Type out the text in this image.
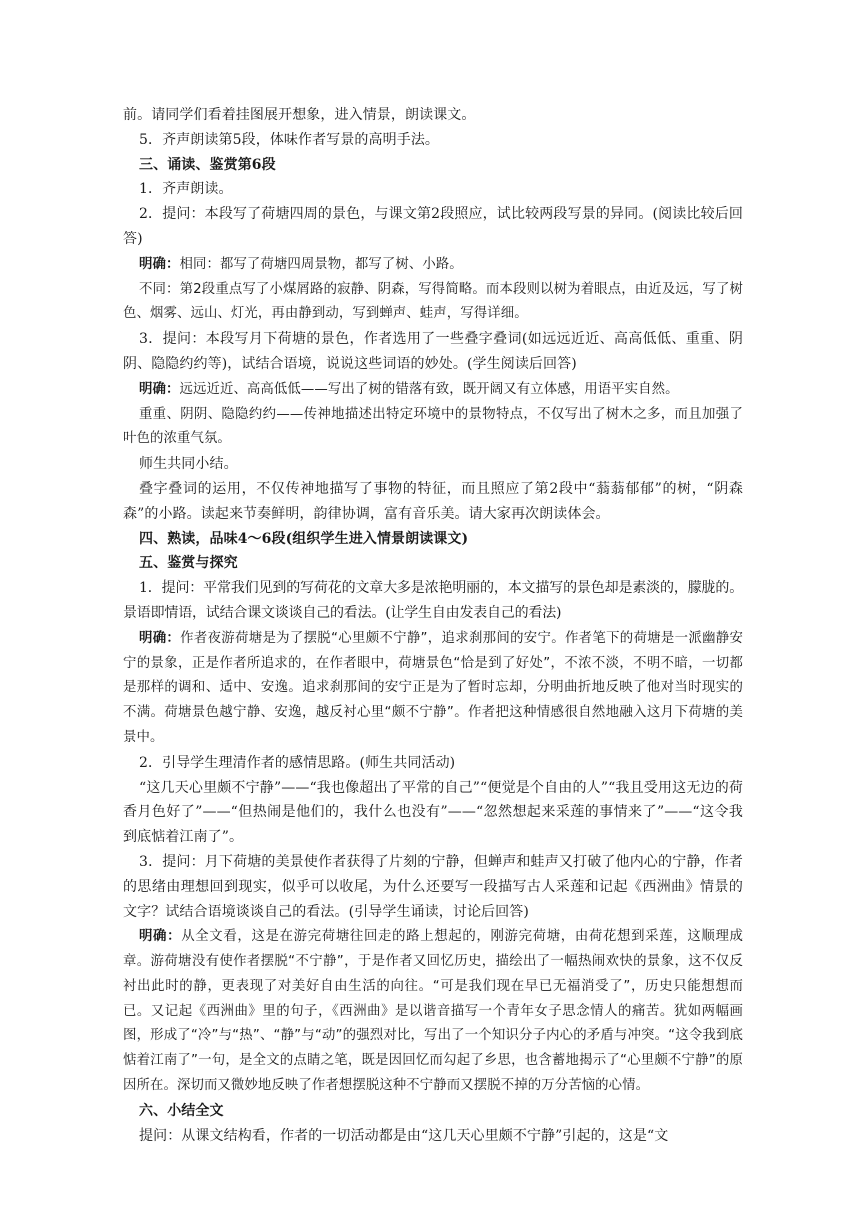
前。请同学们看着挂图展开想象，进入情景，朗读课文。

5．齐声朗读第5段，体味作者写景的高明手法。

三、诵读、鉴赏第6段

1．齐声朗读。

2．提问：本段写了荷塘四周的景色，与课文第2段照应，试比较两段写景的异同。(阅读比较后回答)

明确：相同：都写了荷塘四周景物，都写了树、小路。

不同：第2段重点写了小煤屑路的寂静、阴森，写得简略。而本段则以树为着眼点，由近及远，写了树色、烟雾、远山、灯光，再由静到动，写到蝉声、蛙声，写得详细。

3．提问：本段写月下荷塘的景色，作者选用了一些叠字叠词(如远远近近、高高低低、重重、阴阴、隐隐约约等)，试结合语境，说说这些词语的妙处。(学生阅读后回答)

明确：远远近近、高高低低——写出了树的错落有致，既开阔又有立体感，用语平实自然。

重重、阴阴、隐隐约约——传神地描述出特定环境中的景物特点，不仅写出了树木之多，而且加强了叶色的浓重气氛。

师生共同小结。

叠字叠词的运用，不仅传神地描写了事物的特征，而且照应了第2段中“蓊蓊郁郁”的树，“阴森森”的小路。读起来节奏鲜明，韵律协调，富有音乐美。请大家再次朗读体会。

四、熟读，品味4～6段(组织学生进入情景朗读课文)

五、鉴赏与探究

1．提问：平常我们见到的写荷花的文章大多是浓艳明丽的，本文描写的景色却是素淡的，朦胧的。景语即情语，试结合课文谈谈自己的看法。(让学生自由发表自己的看法)

明确：作者夜游荷塘是为了摆脱“心里颇不宁静”，追求刹那间的安宁。作者笔下的荷塘是一派幽静安宁的景象，正是作者所追求的，在作者眼中，荷塘景色“恰是到了好处”，不浓不淡，不明不暗，一切都是那样的调和、适中、安逸。追求刹那间的安宁正是为了暂时忘却，分明曲折地反映了他对当时现实的不满。荷塘景色越宁静、安逸，越反衬心里“颇不宁静”。作者把这种情感很自然地融入这月下荷塘的美景中。

2．引导学生理清作者的感情思路。(师生共同活动)

“这几天心里颇不宁静”——“我也像超出了平常的自己”“便觉是个自由的人”“我且受用这无边的荷香月色好了”——“但热闹是他们的，我什么也没有”——“忽然想起来采莲的事情来了”——“这令我到底惦着江南了”。

3．提问：月下荷塘的美景使作者获得了片刻的宁静，但蝉声和蛙声又打破了他内心的宁静，作者的思绪由理想回到现实，似乎可以收尾，为什么还要写一段描写古人采莲和记起《西洲曲》情景的文字？试结合语境谈谈自己的看法。(引导学生诵读，讨论后回答)

明确：从全文看，这是在游完荷塘往回走的路上想起的，刚游完荷塘，由荷花想到采莲，这顺理成章。游荷塘没有使作者摆脱“不宁静”，于是作者又回忆历史，描绘出了一幅热闹欢快的景象，这不仅反衬出此时的静，更表现了对美好自由生活的向往。“可是我们现在早已无福消受了”，历史只能想想而已。又记起《西洲曲》里的句子，《西洲曲》是以谐音描写一个青年女子思念情人的痛苦。犹如两幅画图，形成了“冷”与“热”、“静”与“动”的强烈对比，写出了一个知识分子内心的矛盾与冲突。“这令我到底惦着江南了”一句，是全文的点睛之笔，既是因回忆而勾起了乡思，也含蓄地揭示了“心里颇不宁静”的原因所在。深切而又微妙地反映了作者想摆脱这种不宁静而又摆脱不掉的万分苦恼的心情。

六、小结全文

提问：从课文结构看，作者的一切活动都是由“这几天心里颇不宁静”引起的，这是“文
